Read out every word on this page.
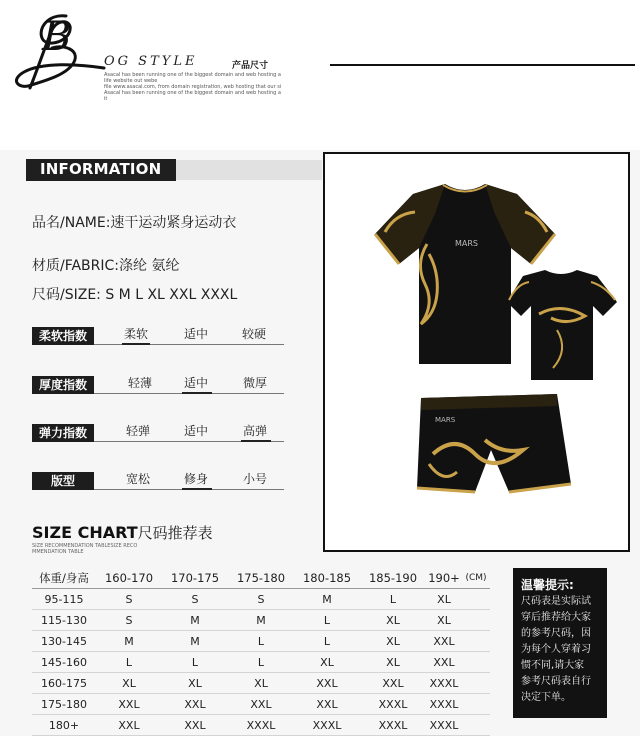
B
OG STYLE	产品尺寸
Asacal has been running one of the biggest domain and web hosting a life website out webe
file www.asacal.com, from domain registration, web hosting that our si
Asacal has been running one of the biggest domain and web hosting a it
INFORMATION
品名/NAME:速干运动紧身运动衣
材质/FABRIC:涤纶 氨纶
尺码/SIZE: S M L XL XXL XXXL
柔软指数	柔软	适中	较硬
厚度指数	轻薄	适中	微厚
弹力指数	轻弹	适中	高弹
版型	宽松	修身	小号
MARS
MARS
SIZE CHART尺码推荐表
SIZE RECOMMENDATION TABLESIZE RECO
MMENDATION TABLE
体重/身高	160-170	170-175	175-180	180-185	185-190	190+	(CM)
95-115	S	S	S	M	L	XL	
115-130	S	M	M	L	XL	XL	
130-145	M	M	L	L	XL	XXL	
145-160	L	L	L	XL	XL	XXL	
160-175	XL	XL	XL	XXL	XXL	XXXL	
175-180	XXL	XXL	XXL	XXL	XXXL	XXXL	
180+	XXL	XXL	XXXL	XXXL	XXXL	XXXL	
温馨提示:
尺码表是实际试
穿后推荐给大家
的参考尺码，因
为每个人穿着习
惯不同,请大家
参考尺码表自行
决定下单。
